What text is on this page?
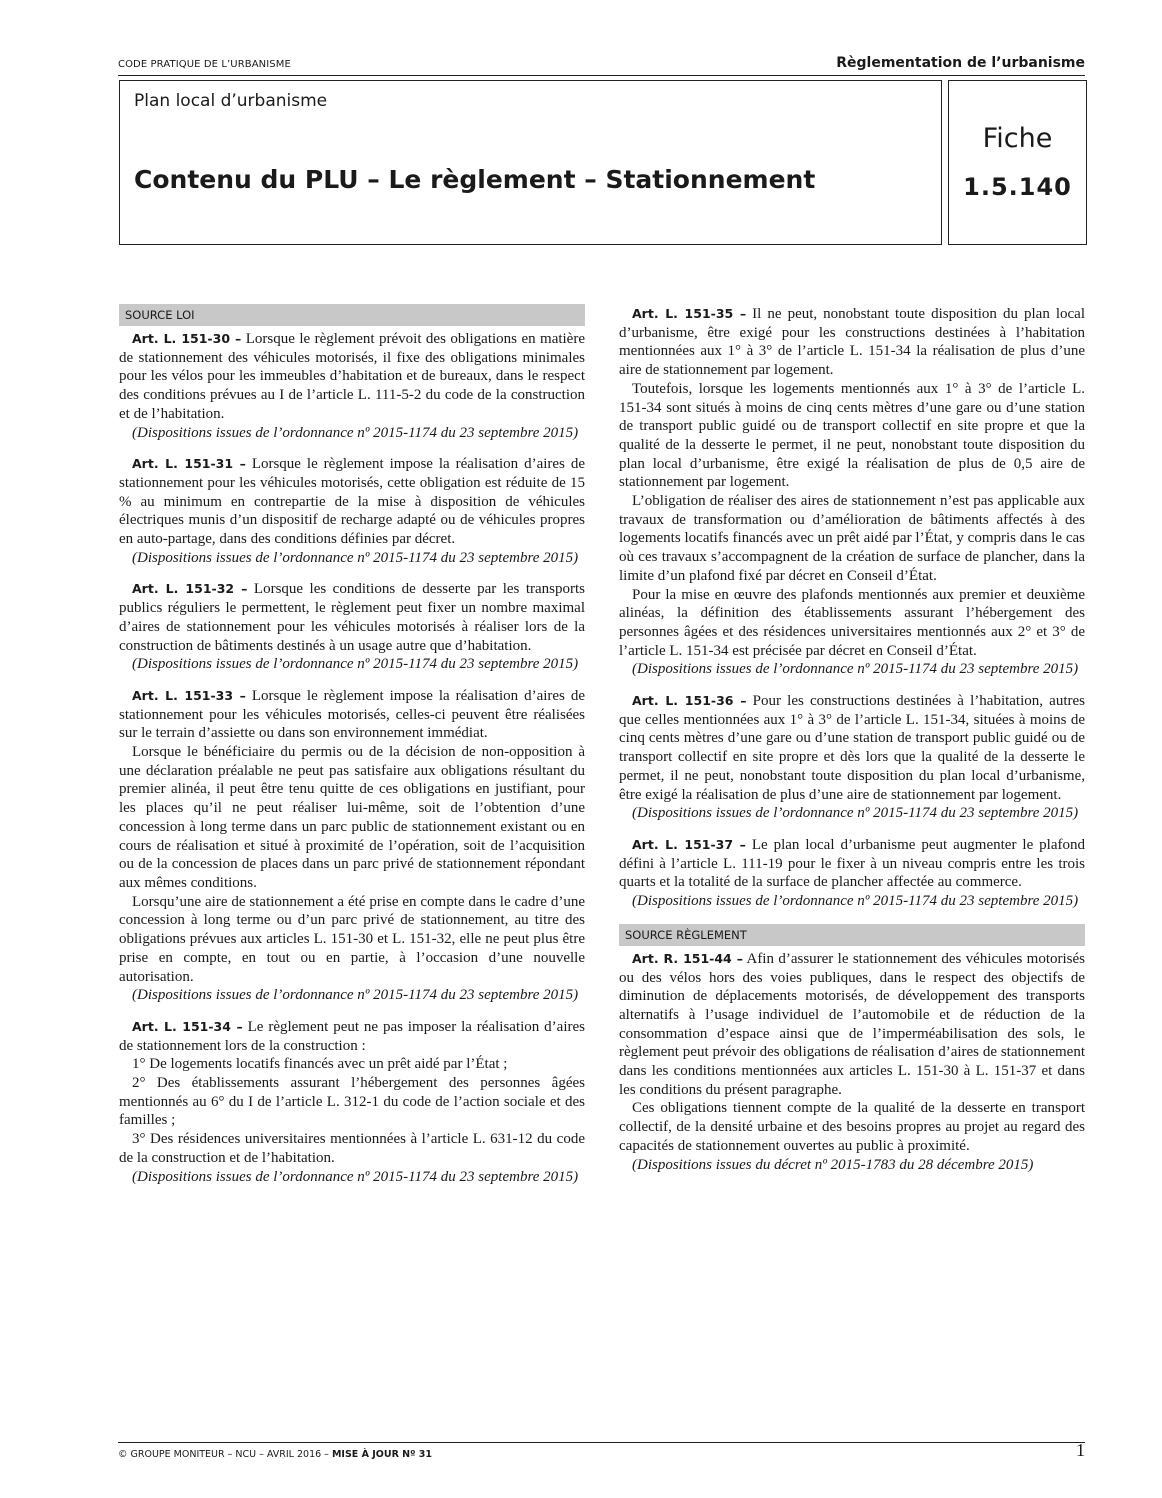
CODE PRATIQUE DE L’URBANISME	Règlementation de l’urbanisme
Plan local d’urbanisme
Contenu du PLU – Le règlement – Stationnement
Fiche
1.5.140
SOURCE LOI

Art. L. 151-30 – Lorsque le règlement prévoit des obligations en matière de stationnement des véhicules motorisés, il fixe des obligations minimales pour les vélos pour les immeubles d’habitation et de bureaux, dans le respect des conditions prévues au I de l’article L. 111-5-2 du code de la construction et de l’habitation.

(Dispositions issues de l’ordonnance nº 2015-1174 du 23 septembre 2015)

Art. L. 151-31 – Lorsque le règlement impose la réalisation d’aires de stationnement pour les véhicules motorisés, cette obligation est réduite de 15 % au minimum en contrepartie de la mise à disposition de véhicules électriques munis d’un dispositif de recharge adapté ou de véhicules propres en auto-partage, dans des conditions définies par décret.

(Dispositions issues de l’ordonnance nº 2015-1174 du 23 septembre 2015)

Art. L. 151-32 – Lorsque les conditions de desserte par les transports publics réguliers le permettent, le règlement peut fixer un nombre maximal d’aires de stationnement pour les véhicules motorisés à réaliser lors de la construction de bâtiments destinés à un usage autre que d’habitation.

(Dispositions issues de l’ordonnance nº 2015-1174 du 23 septembre 2015)

Art. L. 151-33 – Lorsque le règlement impose la réalisation d’aires de stationnement pour les véhicules motorisés, celles-ci peuvent être réalisées sur le terrain d’assiette ou dans son environnement immédiat.

Lorsque le bénéficiaire du permis ou de la décision de non-opposition à une déclaration préalable ne peut pas satisfaire aux obligations résultant du premier alinéa, il peut être tenu quitte de ces obligations en justifiant, pour les places qu’il ne peut réaliser lui-même, soit de l’obtention d’une concession à long terme dans un parc public de stationnement existant ou en cours de réalisation et situé à proximité de l’opération, soit de l’acquisition ou de la concession de places dans un parc privé de stationnement répondant aux mêmes conditions.

Lorsqu’une aire de stationnement a été prise en compte dans le cadre d’une concession à long terme ou d’un parc privé de stationnement, au titre des obligations prévues aux articles L. 151-30 et L. 151-32, elle ne peut plus être prise en compte, en tout ou en partie, à l’occasion d’une nouvelle autorisation.

(Dispositions issues de l’ordonnance nº 2015-1174 du 23 septembre 2015)

Art. L. 151-34 – Le règlement peut ne pas imposer la réalisation d’aires de stationnement lors de la construction :

1° De logements locatifs financés avec un prêt aidé par l’État ;

2° Des établissements assurant l’hébergement des personnes âgées mentionnés au 6° du I de l’article L. 312-1 du code de l’action sociale et des familles ;

3° Des résidences universitaires mentionnées à l’article L. 631-12 du code de la construction et de l’habitation.

(Dispositions issues de l’ordonnance nº 2015-1174 du 23 septembre 2015)

Art. L. 151-35 – Il ne peut, nonobstant toute disposition du plan local d’urbanisme, être exigé pour les constructions destinées à l’habitation mentionnées aux 1° à 3° de l’article L. 151-34 la réalisation de plus d’une aire de stationnement par logement.

Toutefois, lorsque les logements mentionnés aux 1° à 3° de l’article L. 151-34 sont situés à moins de cinq cents mètres d’une gare ou d’une station de transport public guidé ou de transport collectif en site propre et que la qualité de la desserte le permet, il ne peut, nonobstant toute disposition du plan local d’urbanisme, être exigé la réalisation de plus de 0,5 aire de stationnement par logement.

L’obligation de réaliser des aires de stationnement n’est pas applicable aux travaux de transformation ou d’amélioration de bâtiments affectés à des logements locatifs financés avec un prêt aidé par l’État, y compris dans le cas où ces travaux s’accompagnent de la création de surface de plancher, dans la limite d’un plafond fixé par décret en Conseil d’État.

Pour la mise en œuvre des plafonds mentionnés aux premier et deuxième alinéas, la définition des établissements assurant l’hébergement des personnes âgées et des résidences universitaires mentionnés aux 2° et 3° de l’article L. 151-34 est précisée par décret en Conseil d’État.

(Dispositions issues de l’ordonnance nº 2015-1174 du 23 septembre 2015)

Art. L. 151-36 – Pour les constructions destinées à l’habitation, autres que celles mentionnées aux 1° à 3° de l’article L. 151-34, situées à moins de cinq cents mètres d’une gare ou d’une station de transport public guidé ou de transport collectif en site propre et dès lors que la qualité de la desserte le permet, il ne peut, nonobstant toute disposition du plan local d’urbanisme, être exigé la réalisation de plus d’une aire de stationnement par logement.

(Dispositions issues de l’ordonnance nº 2015-1174 du 23 septembre 2015)

Art. L. 151-37 – Le plan local d’urbanisme peut augmenter le plafond défini à l’article L. 111-19 pour le fixer à un niveau compris entre les trois quarts et la totalité de la surface de plancher affectée au commerce.

(Dispositions issues de l’ordonnance nº 2015-1174 du 23 septembre 2015)

SOURCE RÈGLEMENT

Art. R. 151-44 – Afin d’assurer le stationnement des véhicules motorisés ou des vélos hors des voies publiques, dans le respect des objectifs de diminution de déplacements motorisés, de développement des transports alternatifs à l’usage individuel de l’automobile et de réduction de la consommation d’espace ainsi que de l’imperméabilisation des sols, le règlement peut prévoir des obligations de réalisation d’aires de stationnement dans les conditions mentionnées aux articles L. 151-30 à L. 151-37 et dans les conditions du présent paragraphe.

Ces obligations tiennent compte de la qualité de la desserte en transport collectif, de la densité urbaine et des besoins propres au projet au regard des capacités de stationnement ouvertes au public à proximité.

(Dispositions issues du décret nº 2015-1783 du 28 décembre 2015)

© GROUPE MONITEUR – NCU – AVRIL 2016 – MISE À JOUR Nº 31	1
